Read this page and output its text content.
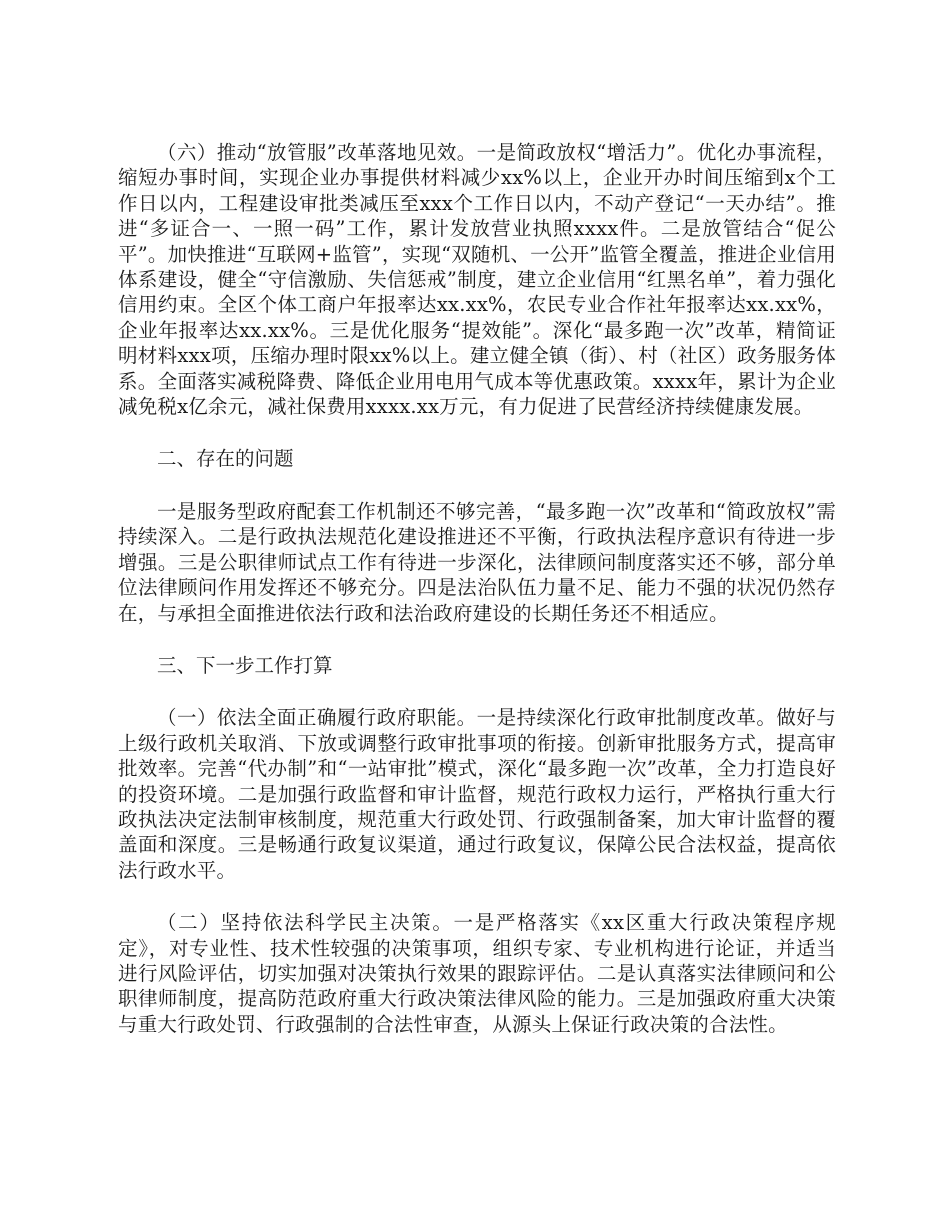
（六）推动“放管服”改革落地见效。一是简政放权“增活力”。优化办事流程，缩短办事时间，实现企业办事提供材料减少xx%以上，企业开办时间压缩到x个工作日以内，工程建设审批类减压至xxx个工作日以内，不动产登记“一天办结”。推进“多证合一、一照一码”工作，累计发放营业执照xxxx件。二是放管结合“促公平”。加快推进“互联网+监管”，实现“双随机、一公开”监管全覆盖，推进企业信用体系建设，健全“守信激励、失信惩戒”制度，建立企业信用“红黑名单”，着力强化信用约束。全区个体工商户年报率达xx.xx%，农民专业合作社年报率达xx.xx%，企业年报率达xx.xx%。三是优化服务“提效能”。深化“最多跑一次”改革，精简证明材料xxx项，压缩办理时限xx%以上。建立健全镇（街）、村（社区）政务服务体系。全面落实减税降费、降低企业用电用气成本等优惠政策。xxxx年，累计为企业减免税x亿余元，减社保费用xxxx.xx万元，有力促进了民营经济持续健康发展。

二、存在的问题

一是服务型政府配套工作机制还不够完善，“最多跑一次”改革和“简政放权”需持续深入。二是行政执法规范化建设推进还不平衡，行政执法程序意识有待进一步增强。三是公职律师试点工作有待进一步深化，法律顾问制度落实还不够，部分单位法律顾问作用发挥还不够充分。四是法治队伍力量不足、能力不强的状况仍然存在，与承担全面推进依法行政和法治政府建设的长期任务还不相适应。

三、下一步工作打算

（一）依法全面正确履行政府职能。一是持续深化行政审批制度改革。做好与上级行政机关取消、下放或调整行政审批事项的衔接。创新审批服务方式，提高审批效率。完善“代办制”和“一站审批”模式，深化“最多跑一次”改革，全力打造良好的投资环境。二是加强行政监督和审计监督，规范行政权力运行，严格执行重大行政执法决定法制审核制度，规范重大行政处罚、行政强制备案，加大审计监督的覆盖面和深度。三是畅通行政复议渠道，通过行政复议，保障公民合法权益，提高依法行政水平。

（二）坚持依法科学民主决策。一是严格落实《xx区重大行政决策程序规定》，对专业性、技术性较强的决策事项，组织专家、专业机构进行论证，并适当进行风险评估，切实加强对决策执行效果的跟踪评估。二是认真落实法律顾问和公职律师制度，提高防范政府重大行政决策法律风险的能力。三是加强政府重大决策与重大行政处罚、行政强制的合法性审查，从源头上保证行政决策的合法性。
